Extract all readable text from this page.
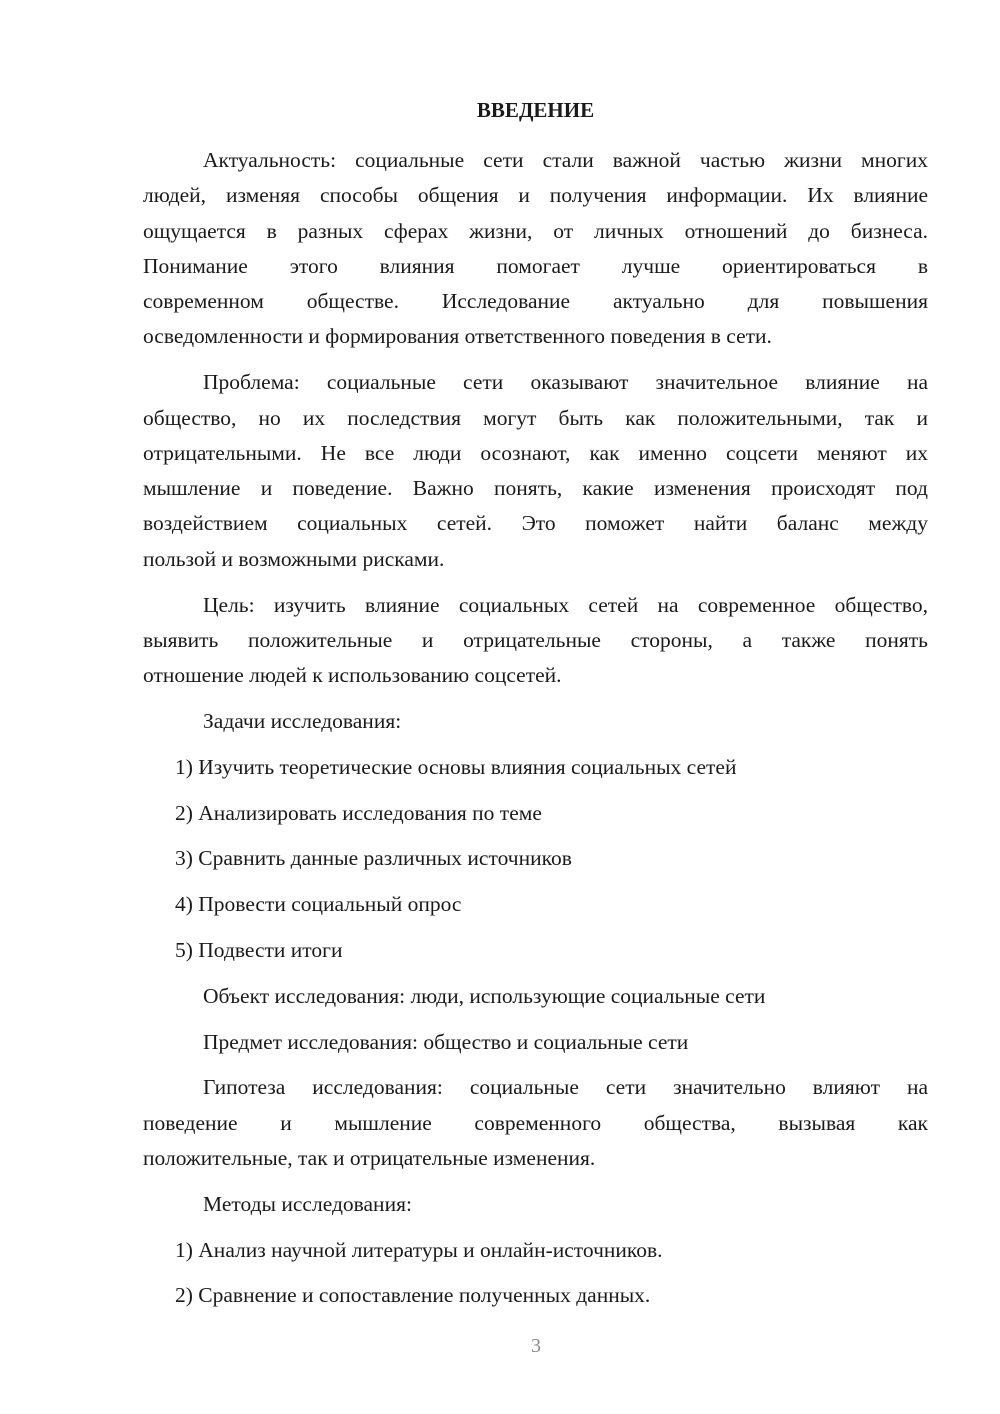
ВВЕДЕНИЕ
Актуальность: социальные сети стали важной частью жизни многих
людей, изменяя способы общения и получения информации. Их влияние
ощущается в разных сферах жизни, от личных отношений до бизнеса.
Понимание этого влияния помогает лучше ориентироваться в
современном обществе. Исследование актуально для повышения
осведомленности и формирования ответственного поведения в сети.
Проблема: социальные сети оказывают значительное влияние на
общество, но их последствия могут быть как положительными, так и
отрицательными. Не все люди осознают, как именно соцсети меняют их
мышление и поведение. Важно понять, какие изменения происходят под
воздействием социальных сетей. Это поможет найти баланс между
пользой и возможными рисками.
Цель: изучить влияние социальных сетей на современное общество,
выявить положительные и отрицательные стороны, а также понять
отношение людей к использованию соцсетей.
Задачи исследования:
1) Изучить теоретические основы влияния социальных сетей
2) Анализировать исследования по теме
3) Сравнить данные различных источников
4) Провести социальный опрос
5) Подвести итоги
Объект исследования: люди, использующие социальные сети
Предмет исследования: общество и социальные сети
Гипотеза исследования: социальные сети значительно влияют на
поведение и мышление современного общества, вызывая как
положительные, так и отрицательные изменения.
Методы исследования:
1) Анализ научной литературы и онлайн-источников.
2) Сравнение и сопоставление полученных данных.
3
